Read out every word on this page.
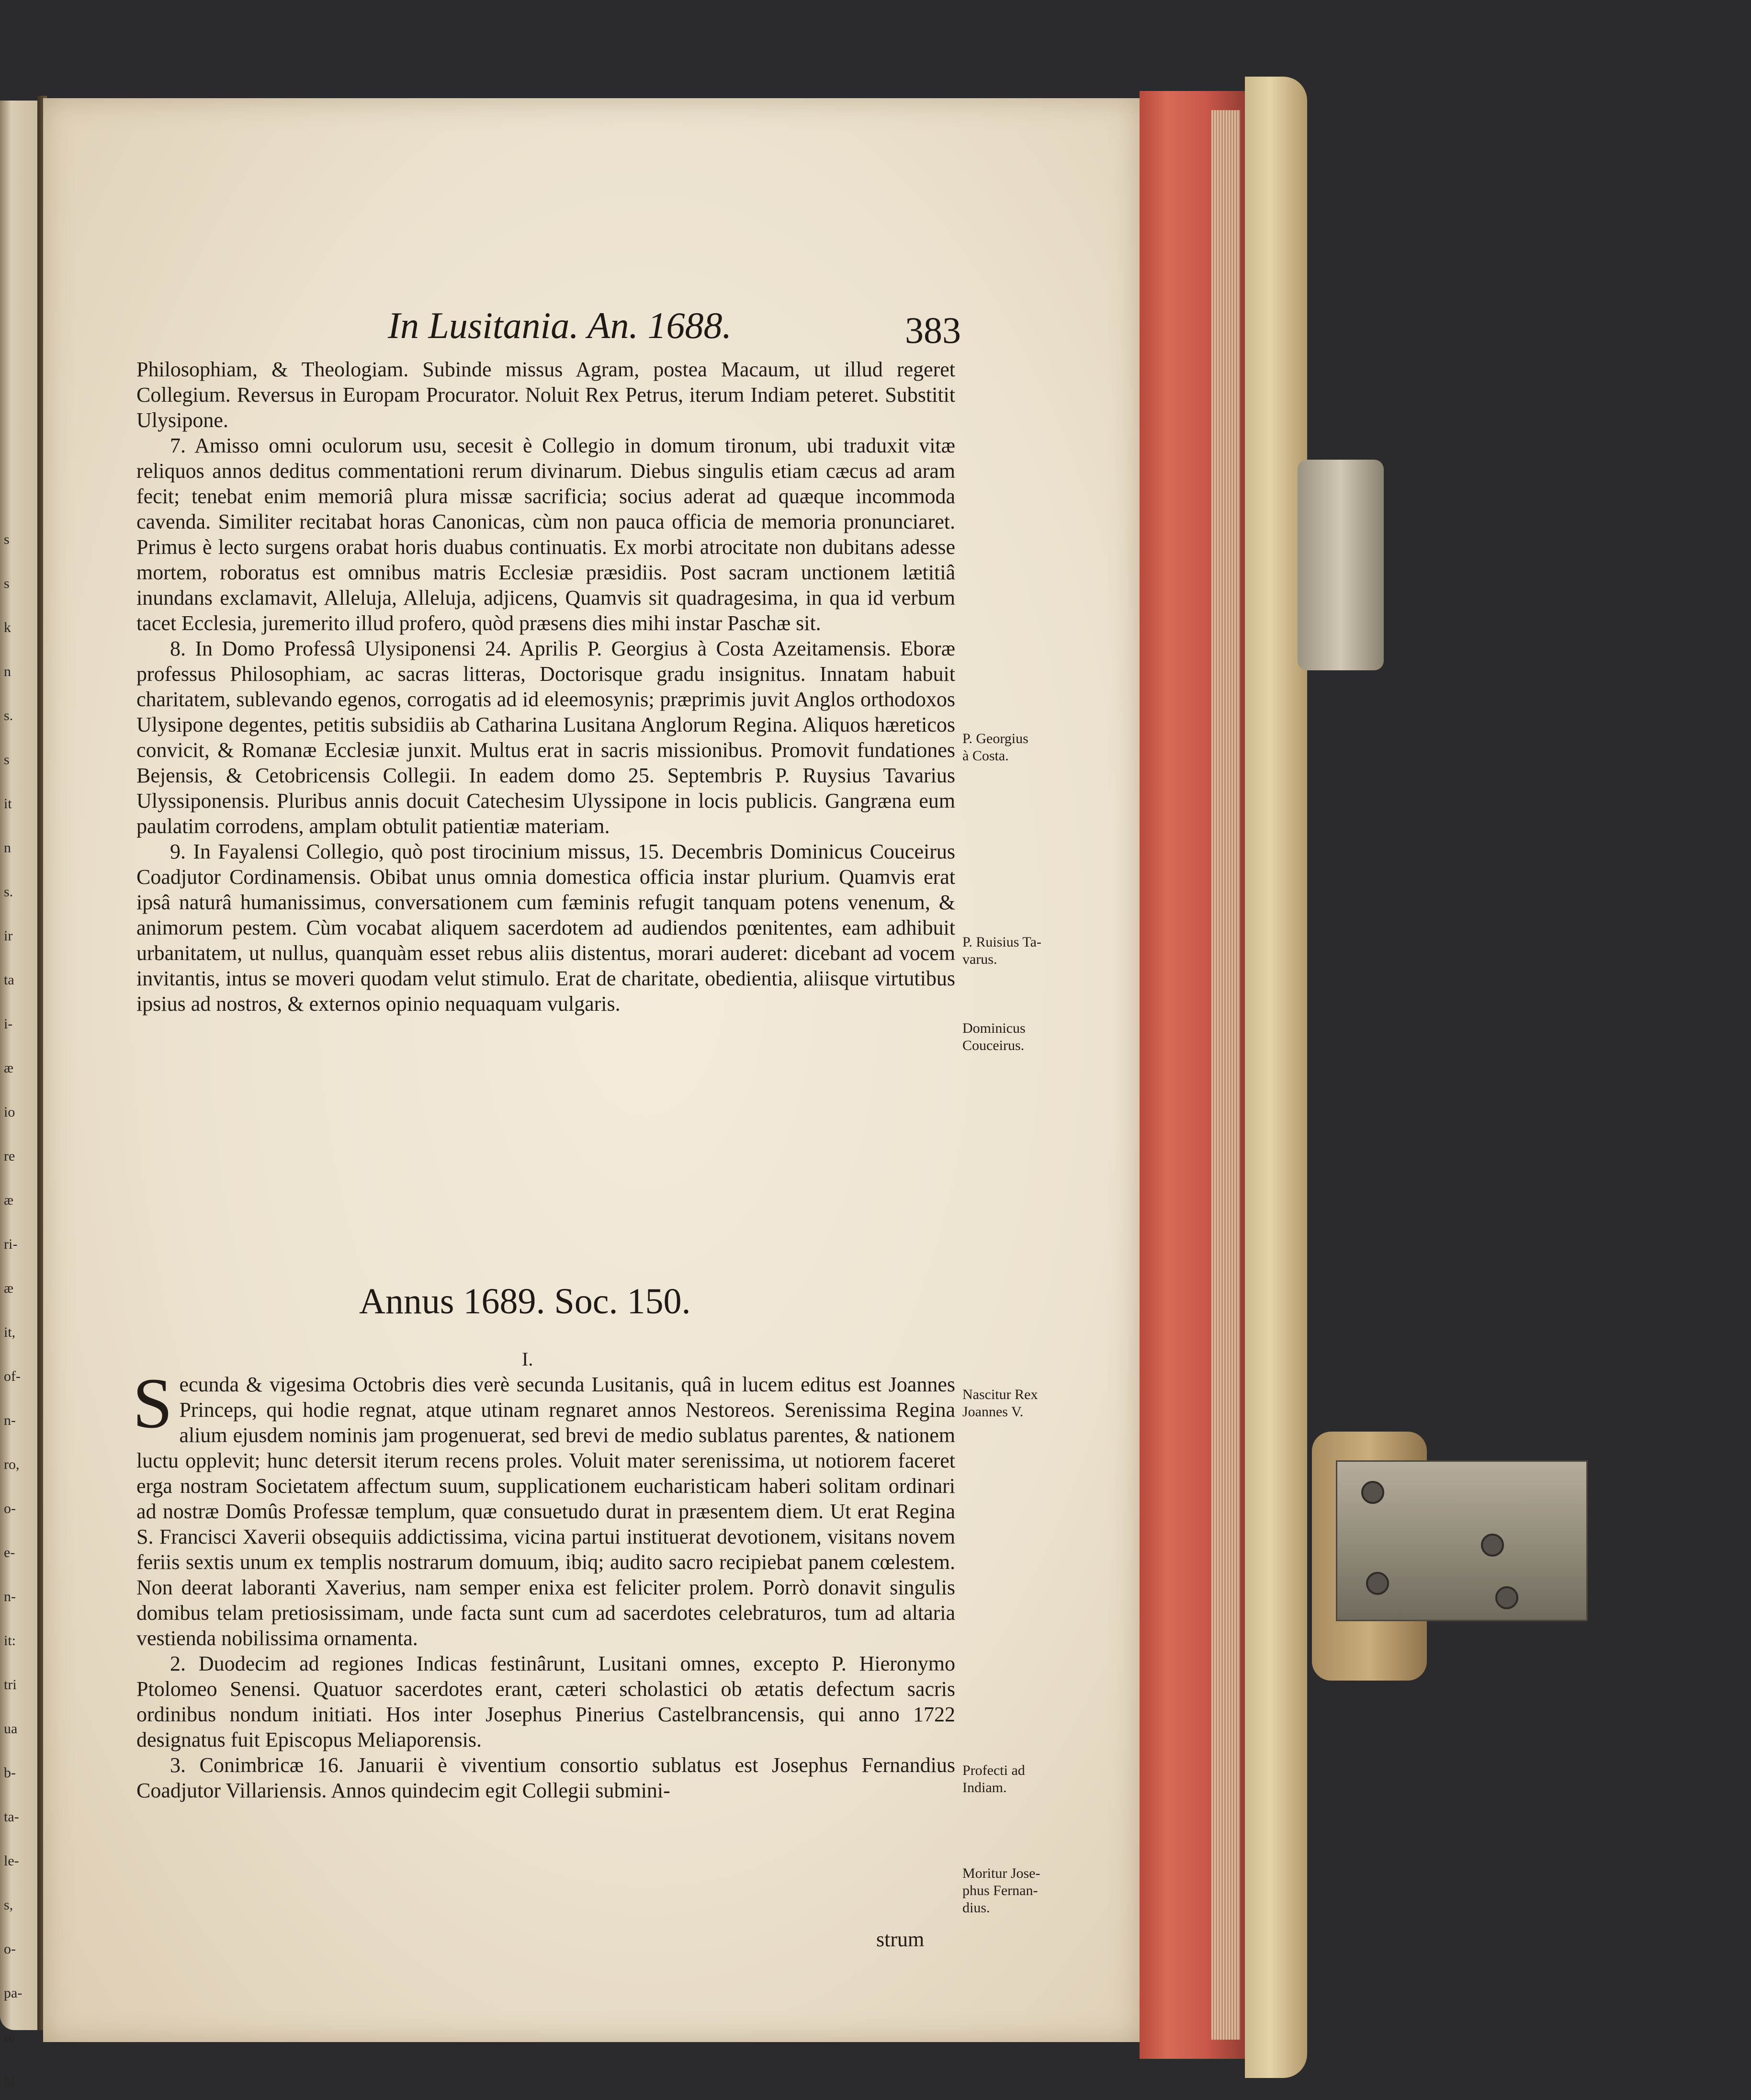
s
s
k
n
s.
s
it
n
s.
ir
ta
i-
æ
io
re
æ
ri-
æ
it,
of-
n-
ro,
o-
e-
n-
it:
tri
ua
b-
ta-
le-
s,
o-
pa-
re
hi-
In Lusitania. An. 1688.	383

Philosophiam, & Theologiam. Subinde missus Agram, postea Macaum, ut illud regeret Collegium. Reversus in Europam Procurator. Noluit Rex Petrus, iterum Indiam peteret. Substitit Ulysipone.

7. Amisso omni oculorum usu, secesit è Collegio in domum tironum, ubi traduxit vitæ reliquos annos deditus commentationi rerum divinarum. Diebus singulis etiam cæcus ad aram fecit; tenebat enim memoriâ plura missæ sacrificia; socius aderat ad quæque incommoda cavenda. Similiter recitabat horas Canonicas, cùm non pauca officia de memoria pronunciaret. Primus è lecto surgens orabat horis duabus continuatis. Ex morbi atrocitate non dubitans adesse mortem, roboratus est omnibus matris Ecclesiæ præsidiis. Post sacram unctionem lætitiâ inundans exclamavit, Alleluja, Alleluja, adjicens, Quamvis sit quadragesima, in qua id verbum tacet Ecclesia, juremerito illud profero, quòd præsens dies mihi instar Paschæ sit.

8. In Domo Professâ Ulysiponensi 24. Aprilis P. Georgius à Costa Azeitamensis. Eboræ professus Philosophiam, ac sacras litteras, Doctorisque gradu insignitus. Innatam habuit charitatem, sublevando egenos, corrogatis ad id eleemosynis; præprimis juvit Anglos orthodoxos Ulysipone degentes, petitis subsidiis ab Catharina Lusitana Anglorum Regina. Aliquos hæreticos convicit, & Romanæ Ecclesiæ junxit. Multus erat in sacris missionibus. Promovit fundationes Bejensis, & Cetobricensis Collegii. In eadem domo 25. Septembris P. Ruysius Tavarius Ulyssiponensis. Pluribus annis docuit Catechesim Ulyssipone in locis publicis. Gangræna eum paulatim corrodens, amplam obtulit patientiæ materiam.

9. In Fayalensi Collegio, quò post tirocinium missus, 15. Decembris Dominicus Couceirus Coadjutor Cordinamensis. Obibat unus omnia domestica officia instar plurium. Quamvis erat ipsâ naturâ humanissimus, conversationem cum fæminis refugit tanquam potens venenum, & animorum pestem. Cùm vocabat aliquem sacerdotem ad audiendos pœnitentes, eam adhibuit urbanitatem, ut nullus, quanquàm esset rebus aliis distentus, morari auderet: dicebant ad vocem invitantis, intus se moveri quodam velut stimulo. Erat de charitate, obedientia, aliisque virtutibus ipsius ad nostros, & externos opinio nequaquam vulgaris.

Annus 1689. Soc. 150.
I.

Secunda & vigesima Octobris dies verè secunda Lusitanis, quâ in lucem editus est Joannes Princeps, qui hodie regnat, atque utinam regnaret annos Nestoreos. Serenissima Regina alium ejusdem nominis jam progenuerat, sed brevi de medio sublatus parentes, & nationem luctu opplevit; hunc detersit iterum recens proles. Voluit mater serenissima, ut notiorem faceret erga nostram Societatem affectum suum, supplicationem eucharisticam haberi solitam ordinari ad nostræ Domûs Professæ templum, quæ consuetudo durat in præsentem diem. Ut erat Regina S. Francisci Xaverii obsequiis addictissima, vicina partui instituerat devotionem, visitans novem feriis sextis unum ex templis nostrarum domuum, ibiq; audito sacro recipiebat panem cœlestem. Non deerat laboranti Xaverius, nam semper enixa est feliciter prolem. Porrò donavit singulis domibus telam pretiosissimam, unde facta sunt cum ad sacerdotes celebraturos, tum ad altaria vestienda nobilissima ornamenta.

2. Duodecim ad regiones Indicas festinârunt, Lusitani omnes, excepto P. Hieronymo Ptolomeo Senensi. Quatuor sacerdotes erant, cæteri scholastici ob ætatis defectum sacris ordinibus nondum initiati. Hos inter Josephus Pinerius Castelbrancensis, qui anno 1722 designatus fuit Episcopus Meliaporensis.

3. Conimbricæ 16. Januarii è viventium consortio sublatus est Josephus Fernandius Coadjutor Villariensis. Annos quindecim egit Collegii submini-

strum
P. Georgius
à Costa.
P. Ruisius Ta-
varus.
Dominicus
Couceirus.
Nascitur Rex
Joannes V.
Profecti ad
Indiam.
Moritur Jose-
phus Fernan-
dius.
